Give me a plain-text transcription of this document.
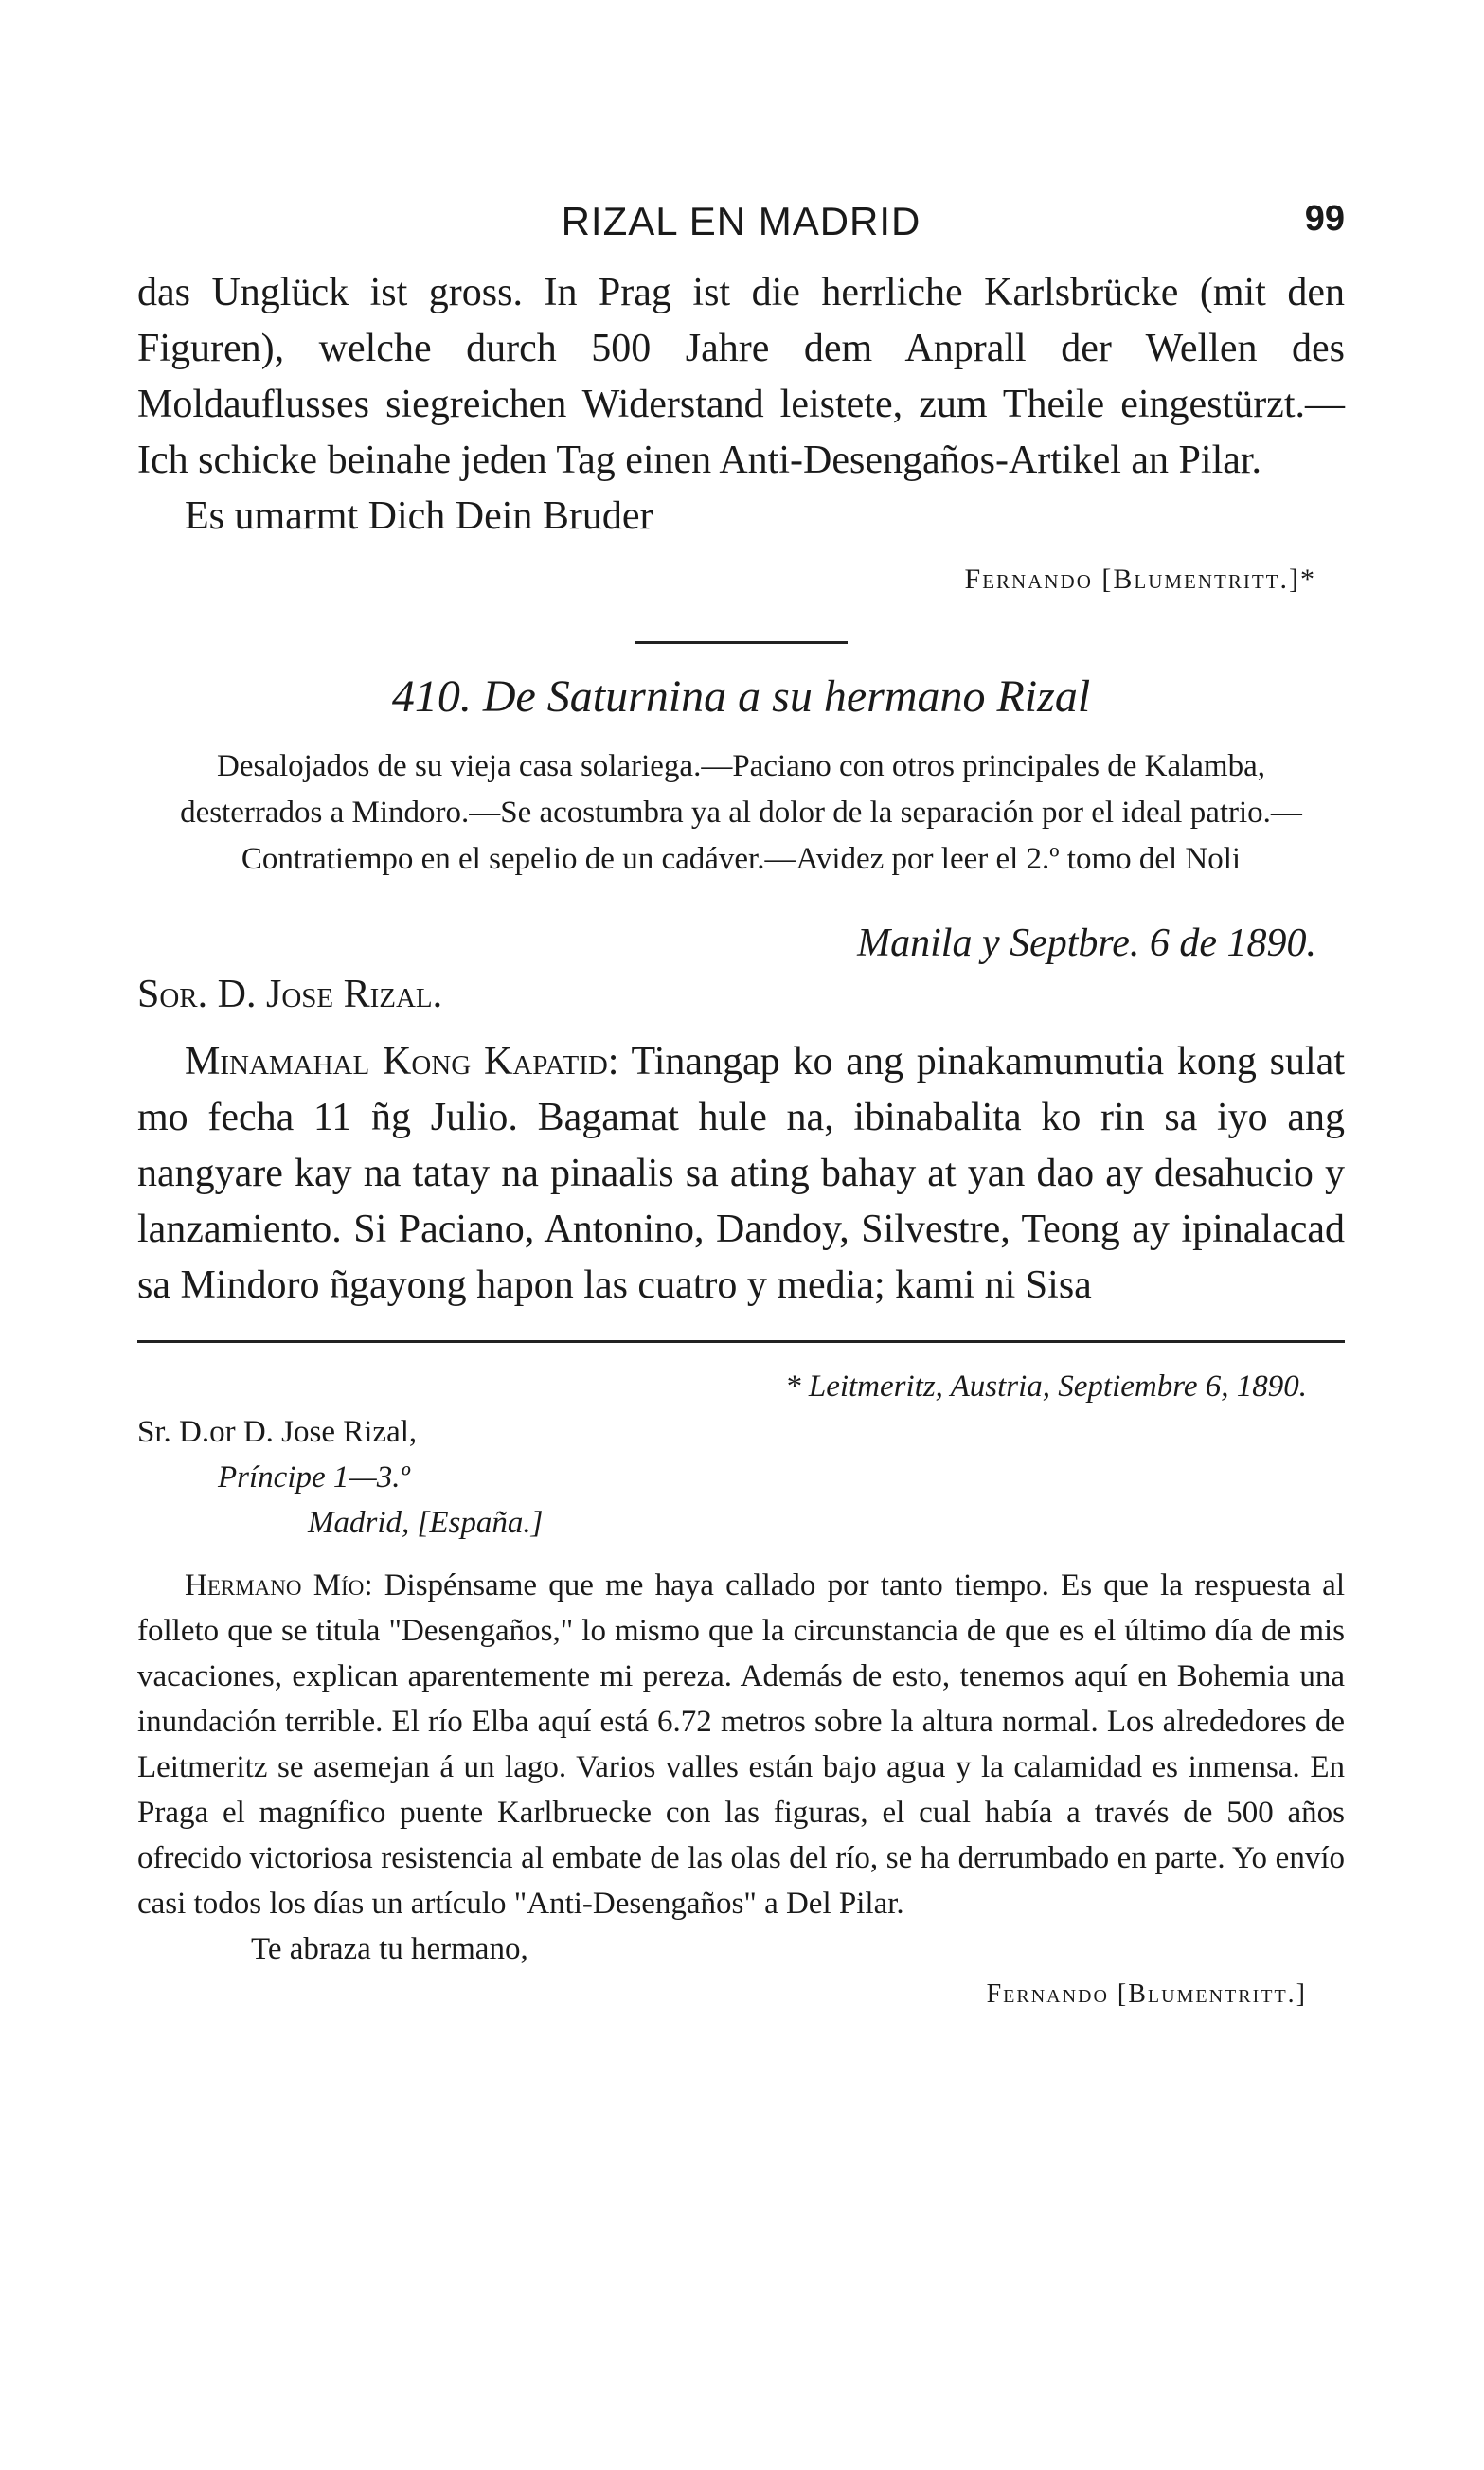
RIZAL EN MADRID	99

das Unglück ist gross. In Prag ist die herrliche Karlsbrücke (mit den Figuren), welche durch 500 Jahre dem Anprall der Wellen des Moldauflusses siegreichen Widerstand leistete, zum Theile eingestürzt.—Ich schicke beinahe jeden Tag einen Anti-Desengaños-Artikel an Pilar.

Es umarmt Dich Dein Bruder

Fernando [Blumentritt.]*
410. De Saturnina a su hermano Rizal
Desalojados de su vieja casa solariega.—Paciano con otros principales de Kalamba, desterrados a Mindoro.—Se acostumbra ya al dolor de la separación por el ideal patrio.—Contratiempo en el sepelio de un cadáver.—Avidez por leer el 2.º tomo del Noli
Manila y Septbre. 6 de 1890.
Sor. D. Jose Rizal.

Minamahal Kong Kapatid: Tinangap ko ang pinakamumutia kong sulat mo fecha 11 ñg Julio. Bagamat hule na, ibinabalita ko rin sa iyo ang nangyare kay na tatay na pinaalis sa ating bahay at yan dao ay desahucio y lanzamiento. Si Paciano, Antonino, Dandoy, Silvestre, Teong ay ipinalacad sa Mindoro ñgayong hapon las cuatro y media; kami ni Sisa

* Leitmeritz, Austria, Septiembre 6, 1890.

Sr. D.or D. Jose Rizal,

Príncipe 1—3.º

Madrid, [España.]

Hermano Mío: Dispénsame que me haya callado por tanto tiempo. Es que la respuesta al folleto que se titula "Desengaños," lo mismo que la circunstancia de que es el último día de mis vacaciones, explican aparentemente mi pereza. Además de esto, tenemos aquí en Bohemia una inundación terrible. El río Elba aquí está 6.72 metros sobre la altura normal. Los alrededores de Leitmeritz se asemejan á un lago. Varios valles están bajo agua y la calamidad es inmensa. En Praga el magnífico puente Karlbruecke con las figuras, el cual había a través de 500 años ofrecido victoriosa resistencia al embate de las olas del río, se ha derrumbado en parte. Yo envío casi todos los días un artículo "Anti-Desengaños" a Del Pilar.

Te abraza tu hermano,

Fernando [Blumentritt.]
